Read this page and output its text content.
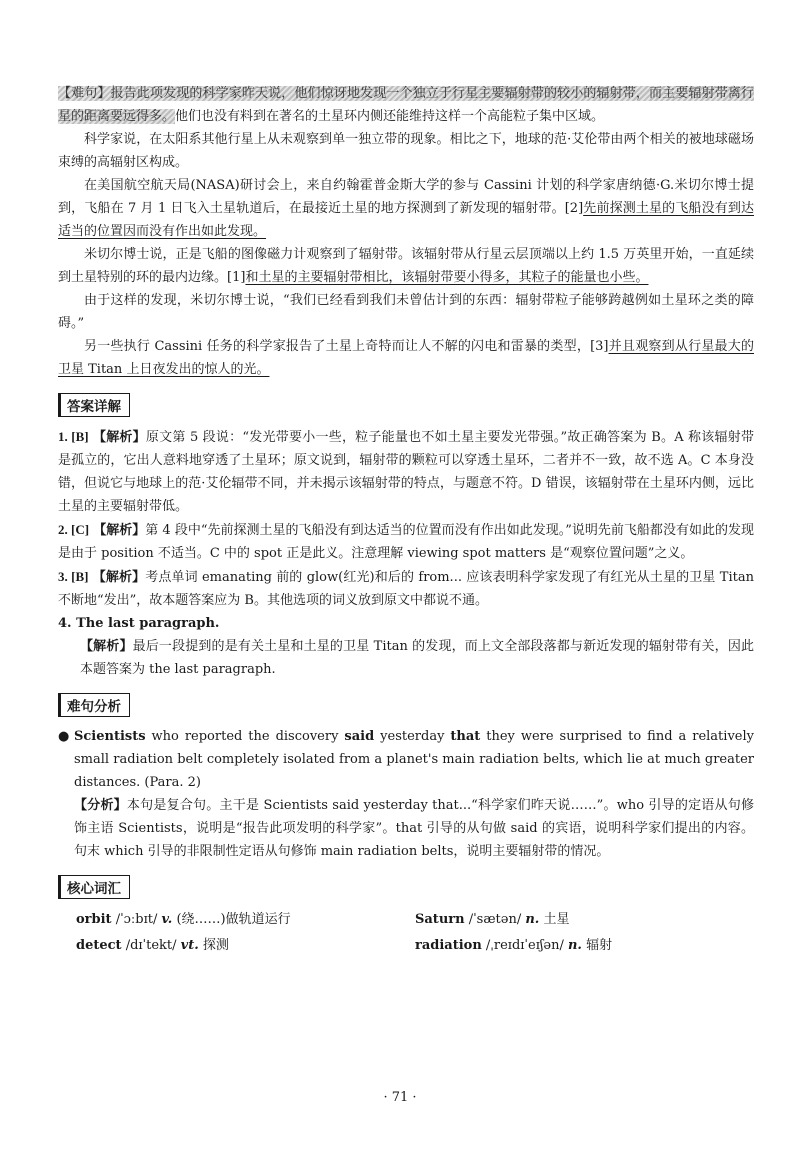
【难句】报告此项发现的科学家昨天说，他们惊讶地发现一个独立于行星主要辐射带的较小的辐射带，而主要辐射带离行星的距离要远得多。他们也没有料到在著名的土星环内侧还能维持这样一个高能粒子集中区域。

科学家说，在太阳系其他行星上从未观察到单一独立带的现象。相比之下，地球的范·艾伦带由两个相关的被地球磁场束缚的高辐射区构成。

在美国航空航天局(NASA)研讨会上，来自约翰霍普金斯大学的参与 Cassini 计划的科学家唐纳德·G.米切尔博士提到，飞船在 7 月 1 日飞入土星轨道后，在最接近土星的地方探测到了新发现的辐射带。[2]先前探测土星的飞船没有到达适当的位置因而没有作出如此发现。

米切尔博士说，正是飞船的图像磁力计观察到了辐射带。该辐射带从行星云层顶端以上约 1.5 万英里开始，一直延续到土星特别的环的最内边缘。[1]和土星的主要辐射带相比，该辐射带要小得多，其粒子的能量也小些。

由于这样的发现，米切尔博士说，“我们已经看到我们未曾估计到的东西：辐射带粒子能够跨越例如土星环之类的障碍。”

另一些执行 Cassini 任务的科学家报告了土星上奇特而让人不解的闪电和雷暴的类型，[3]并且观察到从行星最大的卫星 Titan 上日夜发出的惊人的光。

答案详解

1. [B] 【解析】原文第 5 段说：“发光带要小一些，粒子能量也不如土星主要发光带强。”故正确答案为 B。A 称该辐射带是孤立的，它出人意料地穿透了土星环；原文说到，辐射带的颗粒可以穿透土星环，二者并不一致，故不选 A。C 本身没错，但说它与地球上的范·艾伦辐带不同，并未揭示该辐射带的特点，与题意不符。D 错误，该辐射带在土星环内侧，远比土星的主要辐射带低。

2. [C] 【解析】第 4 段中“先前探测土星的飞船没有到达适当的位置而没有作出如此发现。”说明先前飞船都没有如此的发现是由于 position 不适当。C 中的 spot 正是此义。注意理解 viewing spot matters 是“观察位置问题”之义。

3. [B] 【解析】考点单词 emanating 前的 glow(红光)和后的 from... 应该表明科学家发现了有红光从土星的卫星 Titan 不断地“发出”，故本题答案应为 B。其他选项的词义放到原文中都说不通。

4. The last paragraph.

【解析】最后一段提到的是有关土星和土星的卫星 Titan 的发现，而上文全部段落都与新近发现的辐射带有关，因此本题答案为 the last paragraph.

难句分析
● Scientists who reported the discovery said yesterday that they were surprised to find a relatively small radiation belt completely isolated from a planet's main radiation belts, which lie at much greater distances. (Para. 2)

【分析】本句是复合句。主干是 Scientists said yesterday that...“科学家们昨天说……”。who 引导的定语从句修饰主语 Scientists，说明是“报告此项发明的科学家”。that 引导的从句做 said 的宾语，说明科学家们提出的内容。句末 which 引导的非限制性定语从句修饰 main radiation belts，说明主要辐射带的情况。

核心词汇
orbit /ˈɔːbɪt/ v. (绕……)做轨道运行	Saturn /ˈsætən/ n. 土星
detect /dɪˈtekt/ vt. 探测	radiation /ˌreɪdɪˈeɪʃən/ n. 辐射
· 71 ·
